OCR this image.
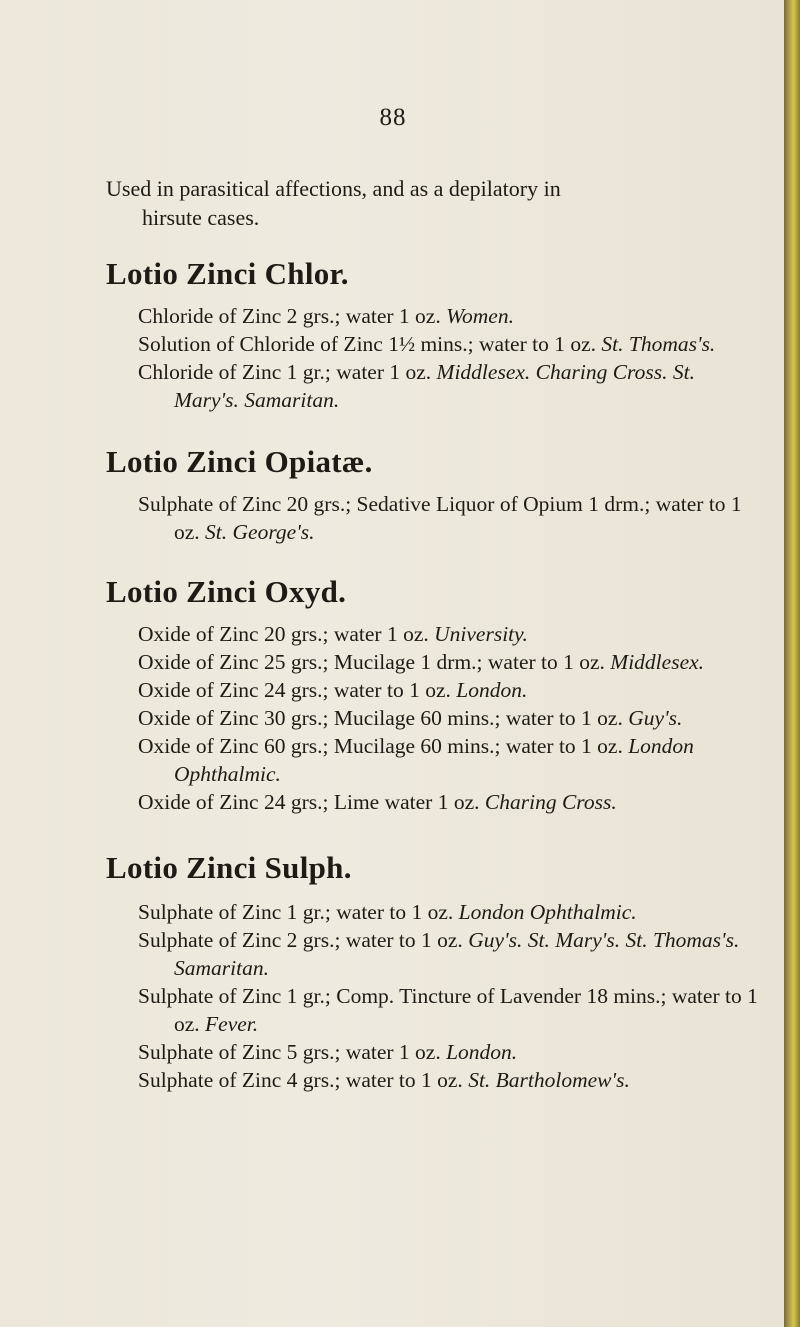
88

Used in parasitical affections, and as a depilatory in

hirsute cases.

Lotio Zinci Chlor.

Chloride of Zinc 2 grs.; water 1 oz. Women.

Solution of Chloride of Zinc 1½ mins.; water to 1 oz. St. Thomas's.

Chloride of Zinc 1 gr.; water 1 oz. Middlesex. Charing Cross. St. Mary's. Samaritan.

Lotio Zinci Opiatæ.

Sulphate of Zinc 20 grs.; Sedative Liquor of Opium 1 drm.; water to 1 oz. St. George's.

Lotio Zinci Oxyd.

Oxide of Zinc 20 grs.; water 1 oz. University.

Oxide of Zinc 25 grs.; Mucilage 1 drm.; water to 1 oz. Middlesex.

Oxide of Zinc 24 grs.; water to 1 oz. London.

Oxide of Zinc 30 grs.; Mucilage 60 mins.; water to 1 oz. Guy's.

Oxide of Zinc 60 grs.; Mucilage 60 mins.; water to 1 oz. London Ophthalmic.

Oxide of Zinc 24 grs.; Lime water 1 oz. Charing Cross.

Lotio Zinci Sulph.

Sulphate of Zinc 1 gr.; water to 1 oz. London Ophthalmic.

Sulphate of Zinc 2 grs.; water to 1 oz. Guy's. St. Mary's. St. Thomas's. Samaritan.

Sulphate of Zinc 1 gr.; Comp. Tincture of Lavender 18 mins.; water to 1 oz. Fever.

Sulphate of Zinc 5 grs.; water 1 oz. London.

Sulphate of Zinc 4 grs.; water to 1 oz. St. Bartholomew's.
